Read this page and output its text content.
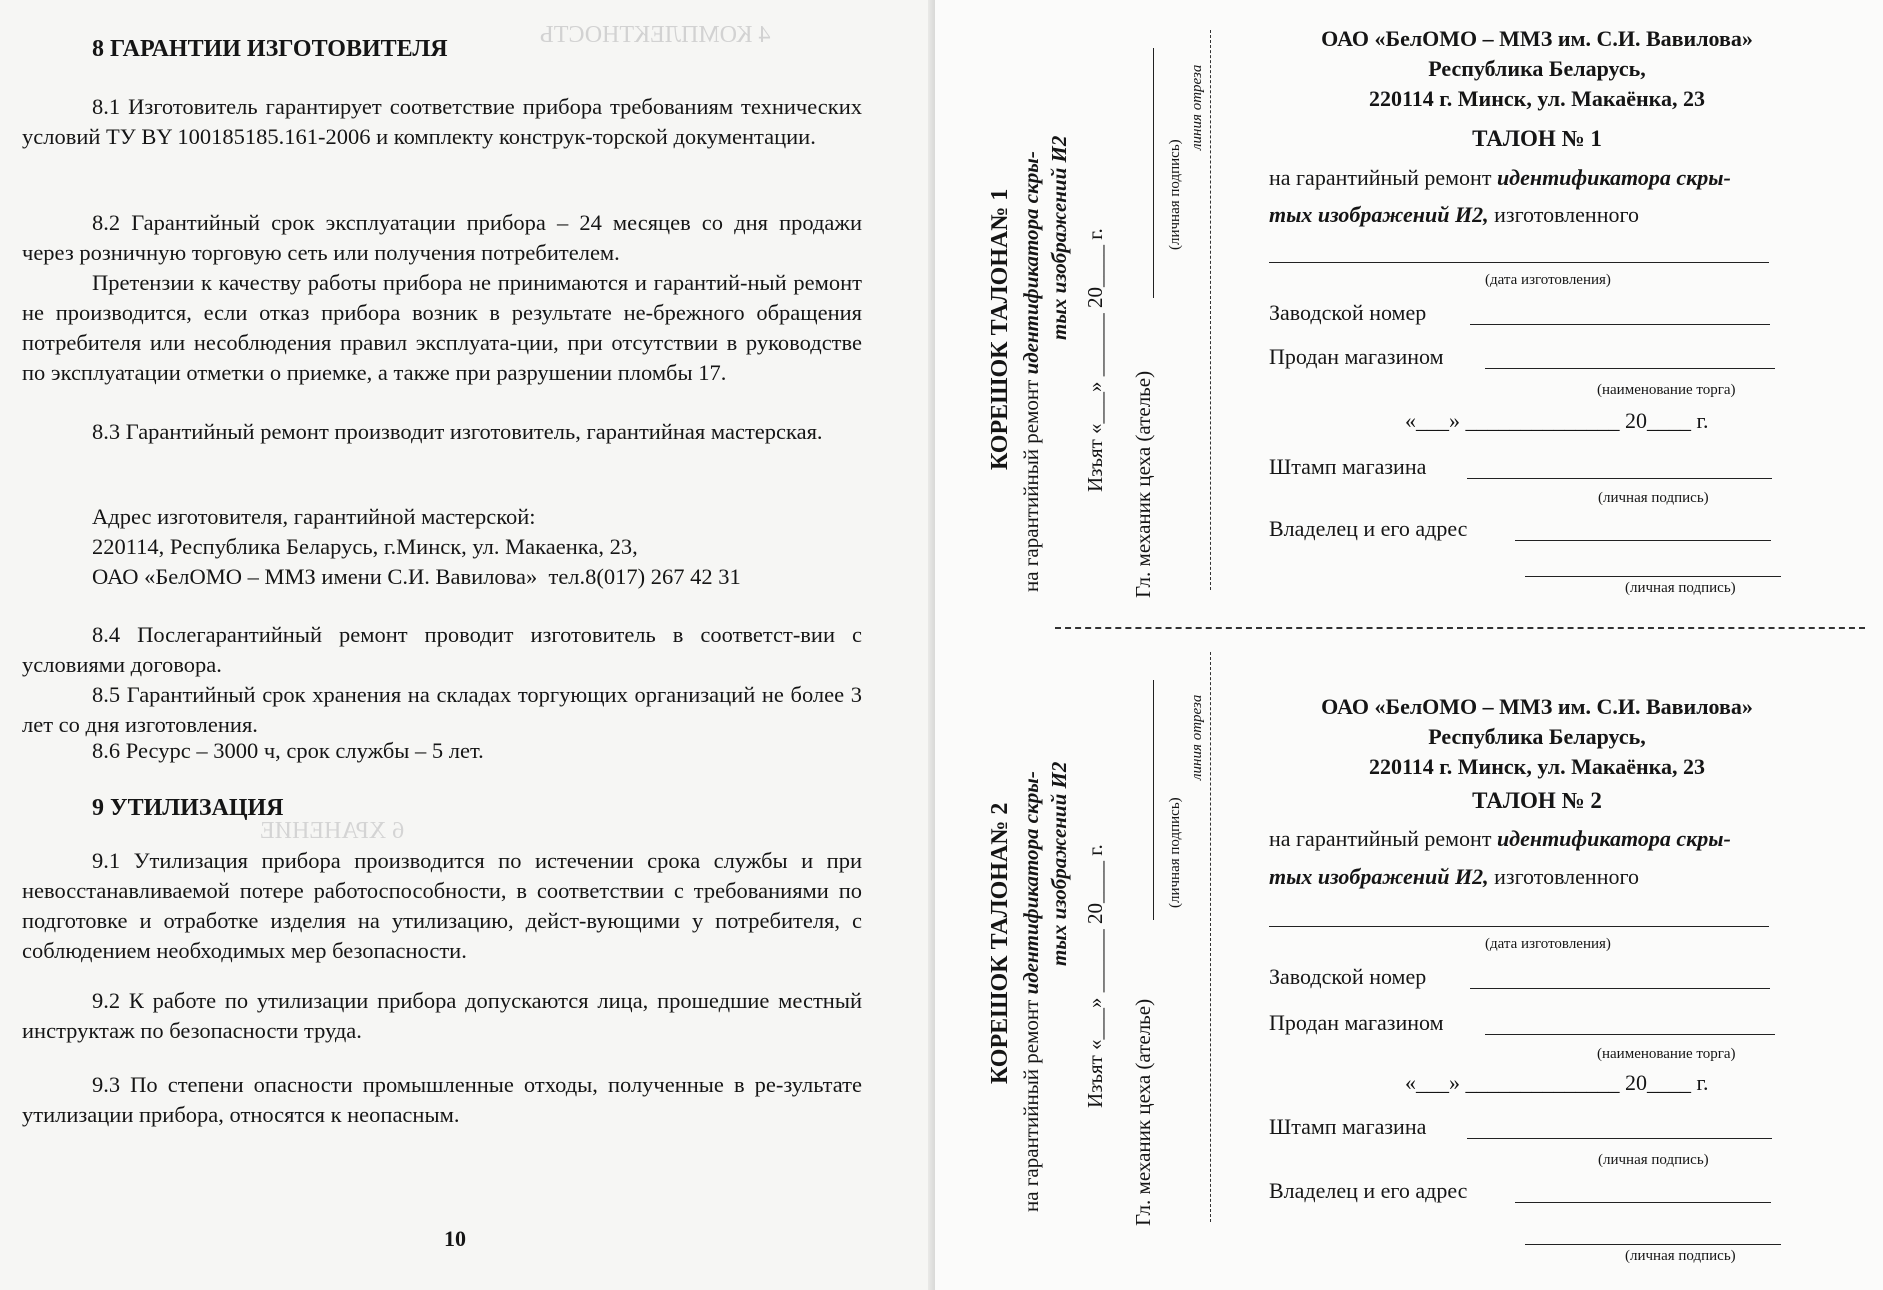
4 КОМПЛЕКТНОСТЬ
6 ХРАНЕНИЕ
8 ГАРАНТИИ ИЗГОТОВИТЕЛЯ
8.1 Изготовитель гарантирует соответствие прибора требованиям технических условий ТУ BY 100185185.161-2006 и комплекту конструк-торской документации.
8.2 Гарантийный срок эксплуатации прибора – 24 месяцев со дня продажи через розничную торговую сеть или получения потребителем.
Претензии к качеству работы прибора не принимаются и гарантий-ный ремонт не производится, если отказ прибора возник в результате не-брежного обращения потребителя или несоблюдения правил эксплуата-ции, при отсутствии в руководстве по эксплуатации отметки о приемке, а также при разрушении пломбы 17.
8.3 Гарантийный ремонт производит изготовитель, гарантийная мастерская.
Адрес изготовителя, гарантийной мастерской:
220114, Республика Беларусь, г.Минск, ул. Макаенка, 23,
ОАО «БелОМО – ММЗ имени С.И. Вавилова»  тел.8(017) 267 42 31
8.4 Послегарантийный ремонт проводит изготовитель в соответст-вии с условиями договора.
8.5 Гарантийный срок хранения на складах торгующих организаций не более 3 лет со дня изготовления.
8.6 Ресурс – 3000 ч, срок службы – 5 лет.
9 УТИЛИЗАЦИЯ
9.1 Утилизация прибора производится по истечении срока службы и при невосстанавливаемой потере работоспособности, в соответствии с требованиями по подготовке и отработке изделия на утилизацию, дейст-вующими у потребителя, с соблюдением необходимых мер безопасности.
9.2 К работе по утилизации прибора допускаются лица, прошедшие местный инструктаж по безопасности труда.
9.3 По степени опасности промышленные отходы, полученные в ре-зультате утилизации прибора, относятся к неопасным.
10
КОРЕШОК ТАЛОНА№ 1
на гарантийный ремонт идентификатора скры- тых изображений И2 Изъят «___» ______ 20____ г. Гл. механик цеха (ателье)
(личная подпись)
линия отреза
КОРЕШОК ТАЛОНА№ 2
на гарантийный ремонт идентификатора скры- тых изображений И2 Изъят «___» ______ 20____ г.
Гл. механик цеха (ателье)
(личная подпись)
линия отреза
ОАО «БелОМО – ММЗ им. С.И. Вавилова»
Республика Беларусь,
220114 г. Минск, ул. Макаёнка, 23
ТАЛОН № 1
на гарантийный ремонт идентификатора скры-
тых изображений И2, изготовленного
(дата изготовления)
Заводской номер
Продан магазином
(наименование торга)
«___» ______________ 20____ г.
Штамп магазина
(личная подпись)
Владелец и его адрес
(личная подпись)
ОАО «БелОМО – ММЗ им. С.И. Вавилова»
Республика Беларусь,
220114 г. Минск, ул. Макаёнка, 23
ТАЛОН № 2
на гарантийный ремонт идентификатора скры-
тых изображений И2, изготовленного
(дата изготовления)
Заводской номер
Продан магазином
(наименование торга)
«___» ______________ 20____ г.
Штамп магазина
(личная подпись)
Владелец и его адрес
(личная подпись)
